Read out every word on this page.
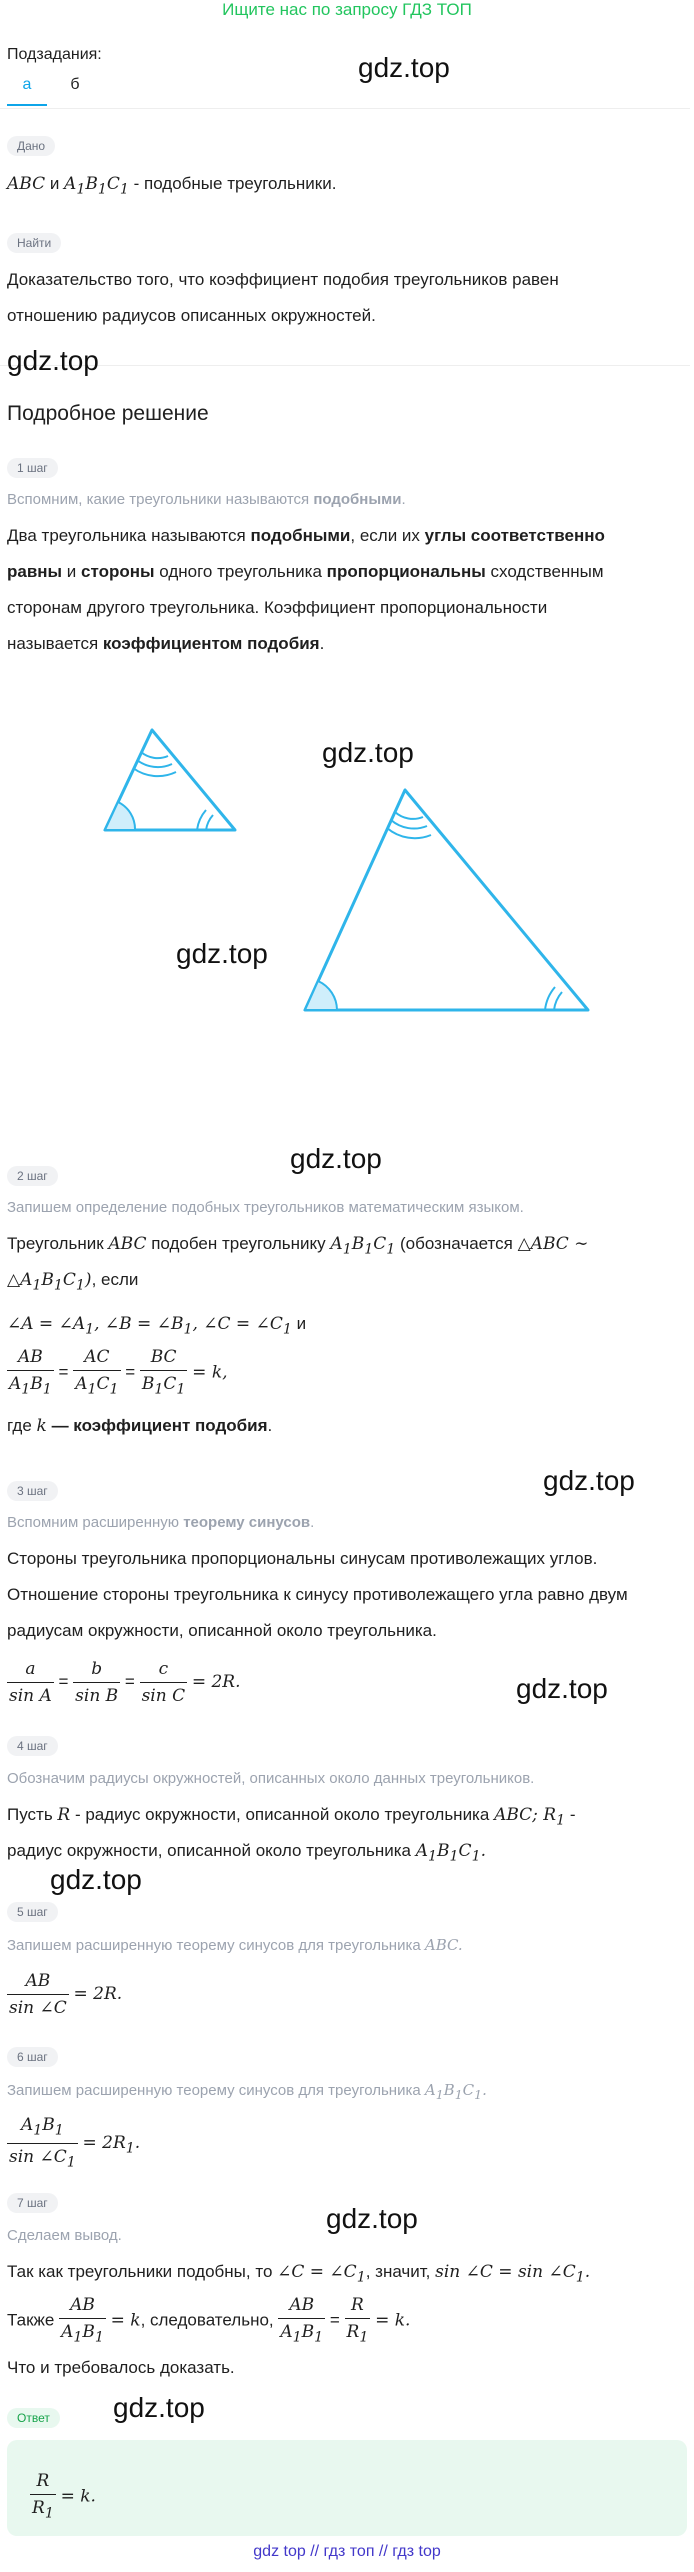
Ищите нас по запросу ГДЗ ТОП
Подзадания:
а	б
gdz.top
Дано
ABC и $A_1B_1C_1$ - подобные треугольники.
Найти
Доказательство того, что коэффициент подобия треугольников равен
отношению радиусов описанных окружностей.
gdz.top
Подробное решение
1 шаг
Вспомним, какие треугольники называются подобными.
Два треугольника называются подобными, если их углы соответственно
равны и стороны одного треугольника пропорциональны сходственным
сторонам другого треугольника. Коэффициент пропорциональности
называется коэффициентом подобия.
gdz.top
gdz.top
gdz.top
2 шаг
Запишем определение подобных треугольников математическим языком.
Треугольник ABC подобен треугольнику $A_1B_1C_1$ (обозначается △ABC ∼
$\triangle A_1B_1C_1$), если
∠A = $\angle A_1$, ∠B = $\angle B_1$, ∠C = $\angle C_1$ и
$\frac{AB}{A_1B_1} = \frac{AC}{A_1C_1} = \frac{BC}{B_1C_1} = k$,
где k — коэффициент подобия.
gdz.top
3 шаг
Вспомним расширенную теорему синусов.
Стороны треугольника пропорциональны синусам противолежащих углов.
Отношение стороны треугольника к синусу противолежащего угла равно двум
радиусам окружности, описанной около треугольника.
$\frac{a}{\text{sin A}} = \frac{b}{\text{sin B}} = \frac{c}{\text{sin C}} = 2R$.	gdz.top
4 шаг
Обозначим радиусы окружностей, описанных около данных треугольников.
Пусть R - радиус окружности, описанной около треугольника ABC; $R_1$ -
радиус окружности, описанной около треугольника $A_1B_1C_1$.
gdz.top
5 шаг
Запишем расширенную теорему синусов для треугольника ABC.
$\frac{AB}{\sin \angle C} = 2R$.
6 шаг
Запишем расширенную теорему синусов для треугольника $A_1B_1C_1$.
$\frac{A_1B_1}{\sin \angle C_1} = 2R_1$.
7 шаг	gdz.top
Сделаем вывод.
Так как треугольники подобны, то ∠C = $\angle C_1$, значит, sin ∠C = $\sin \angle C_1$.
Также $\frac{AB}{A_1B_1} = k$, следовательно, $\frac{AB}{A_1B_1} = \frac{R}{R_1} = k$.
Что и требовалось доказать.
gdz.top
Ответ
$\frac{R}{R_1} = k$.
gdz top // гдз топ // гдз top
